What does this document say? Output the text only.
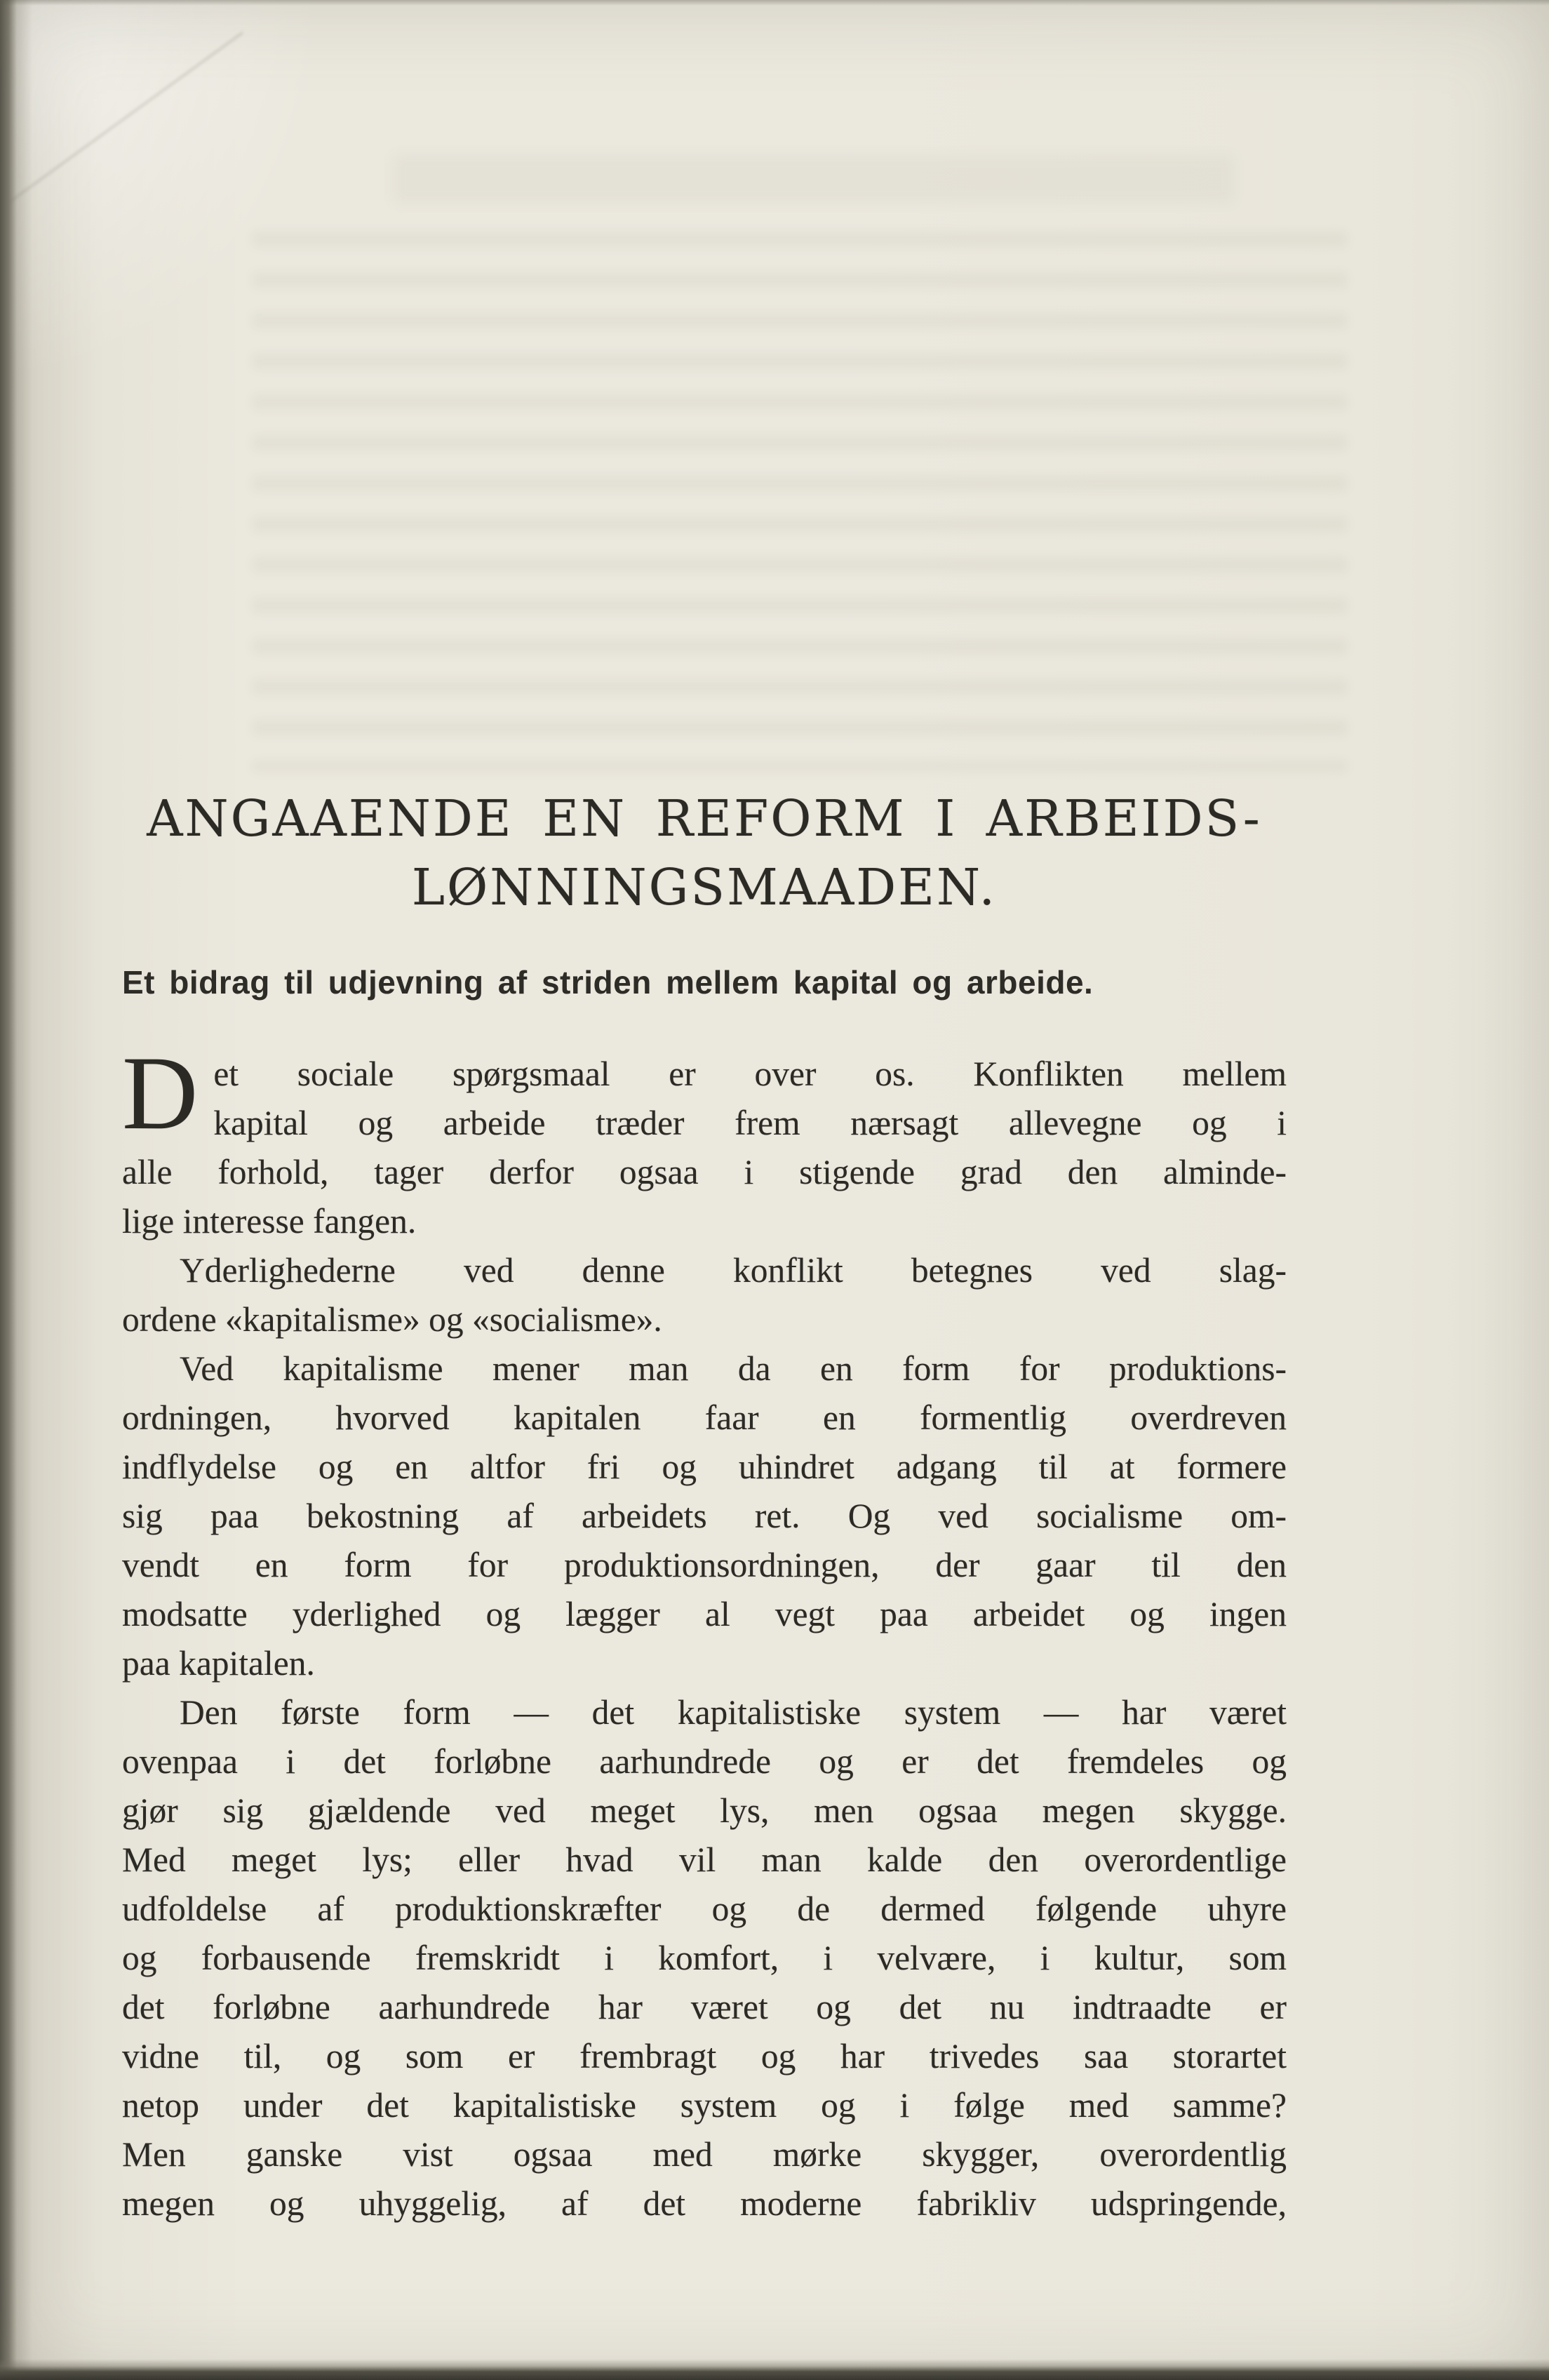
ANGAAENDE EN REFORM I ARBEIDS-
LØNNINGSMAADEN.
Et bidrag til udjevning af striden mellem kapital og arbeide.
D et sociale spørgsmaal er over os. Konflikten mellem
kapital og arbeide træder frem nærsagt allevegne og i
alle forhold, tager derfor ogsaa i stigende grad den alminde-
lige interesse fangen.
Yderlighederne ved denne konflikt betegnes ved slag-
ordene «kapitalisme» og «socialisme».
Ved kapitalisme mener man da en form for produktions-
ordningen, hvorved kapitalen faar en formentlig overdreven
indflydelse og en altfor fri og uhindret adgang til at formere
sig paa bekostning af arbeidets ret. Og ved socialisme om-
vendt en form for produktionsordningen, der gaar til den
modsatte yderlighed og lægger al vegt paa arbeidet og ingen
paa kapitalen.
Den første form — det kapitalistiske system — har været
ovenpaa i det forløbne aarhundrede og er det fremdeles og
gjør sig gjældende ved meget lys, men ogsaa megen skygge.
Med meget lys; eller hvad vil man kalde den overordentlige
udfoldelse af produktionskræfter og de dermed følgende uhyre
og forbausende fremskridt i komfort, i velvære, i kultur, som
det forløbne aarhundrede har været og det nu indtraadte er
vidne til, og som er frembragt og har trivedes saa storartet
netop under det kapitalistiske system og i følge med samme?
Men ganske vist ogsaa med mørke skygger, overordentlig
megen og uhyggelig, af det moderne fabrikliv udspringende,
